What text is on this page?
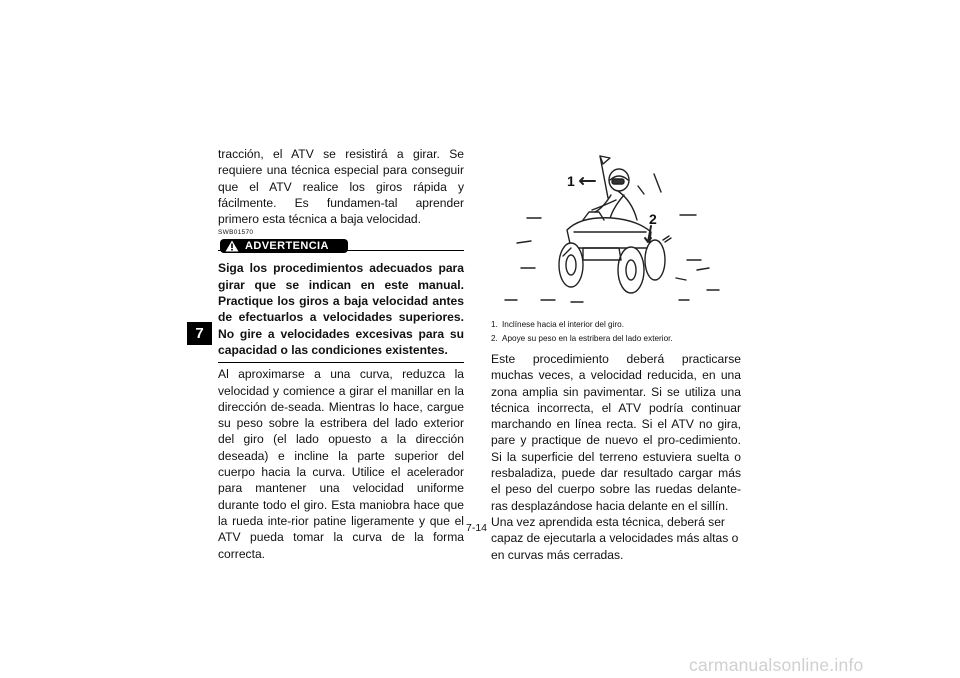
7

tracción, el ATV se resistirá a girar. Se requiere una técnica especial para conseguir que el ATV realice los giros rápida y fácilmente. Es fundamen-tal aprender primero esta técnica a baja velocidad.

SWB01570
ADVERTENCIA

Siga los procedimientos adecuados para girar que se indican en este manual. Practique los giros a baja velocidad antes de efectuarlos a velocidades superiores. No gire a velocidades excesivas para su capacidad o las condiciones existentes.

Al aproximarse a una curva, reduzca la velocidad y comience a girar el manillar en la dirección de-seada. Mientras lo hace, cargue su peso sobre la estribera del lado exterior del giro (el lado opuesto a la dirección deseada) e incline la parte superior del cuerpo hacia la curva. Utilice el acelerador para mantener una velocidad uniforme durante todo el giro. Esta maniobra hace que la rueda inte-rior patine ligeramente y que el ATV pueda tomar la curva de la forma correcta.

1
2
1. Inclínese hacia el interior del giro.
2. Apoye su peso en la estribera del lado exterior.

Este procedimiento deberá practicarse muchas veces, a velocidad reducida, en una zona amplia sin pavimentar. Si se utiliza una técnica incorrecta, el ATV podría continuar marchando en línea recta. Si el ATV no gira, pare y practique de nuevo el pro-cedimiento. Si la superficie del terreno estuviera suelta o resbaladiza, puede dar resultado cargar más el peso del cuerpo sobre las ruedas delante-ras desplazándose hacia delante en el sillín.

Una vez aprendida esta técnica, deberá ser capaz de ejecutarla a velocidades más altas o en curvas más cerradas.

7-14
carmanualsonline.info
